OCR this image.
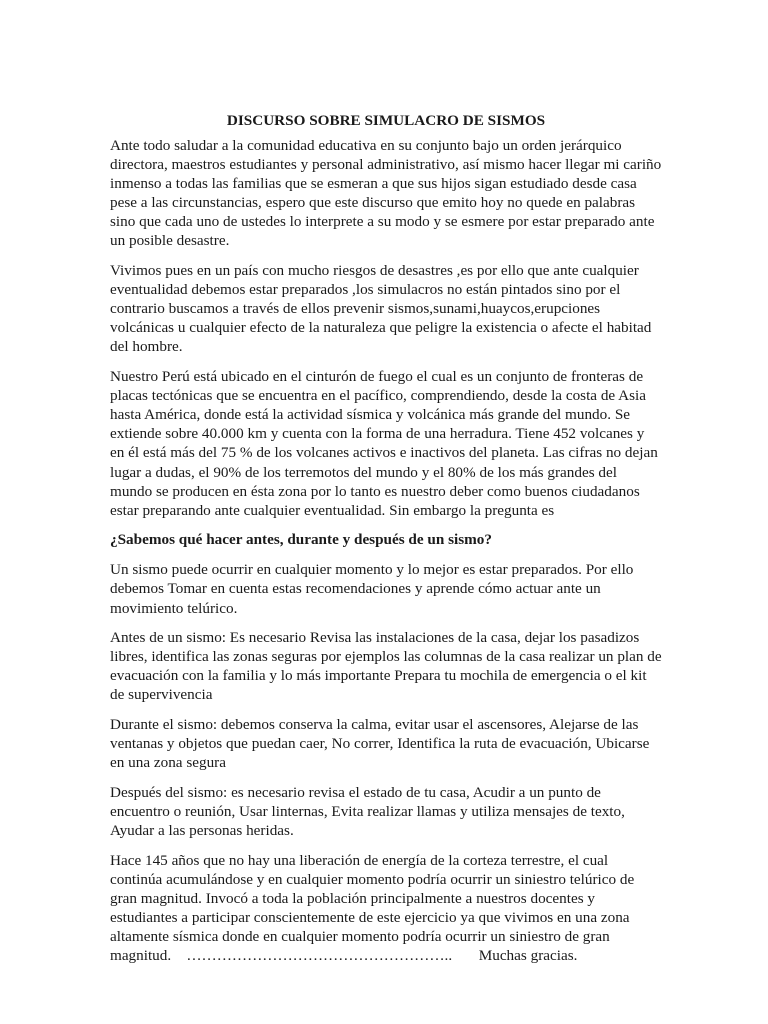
DISCURSO SOBRE SIMULACRO DE SISMOS

Ante todo saludar a la comunidad educativa en su conjunto bajo un orden jerárquico directora, maestros estudiantes y personal administrativo, así mismo hacer llegar mi cariño inmenso a todas las familias que se esmeran a que sus hijos sigan estudiado desde casa pese a las circunstancias, espero que este discurso que emito hoy no quede en palabras sino que cada uno de ustedes lo interprete a su modo y se esmere por estar preparado ante un posible desastre.

Vivimos pues en un país con mucho riesgos de desastres ,es por ello que ante cualquier eventualidad debemos estar preparados ,los simulacros no están pintados sino por el contrario buscamos a través de ellos prevenir sismos,sunami,huaycos,erupciones volcánicas u cualquier efecto de la naturaleza que peligre la existencia o afecte el habitad del hombre.

Nuestro Perú está ubicado en el cinturón de fuego el cual es un conjunto de fronteras de placas tectónicas que se encuentra en el pacífico, comprendiendo, desde la costa de Asia hasta América, donde está la actividad sísmica y volcánica más grande del mundo. Se extiende sobre 40.000 km y cuenta con la forma de una herradura. Tiene 452 volcanes y en él está más del 75 % de los volcanes activos e inactivos del planeta. Las cifras no dejan lugar a dudas, el 90% de los terremotos del mundo y el 80% de los más grandes del mundo se producen en ésta zona por lo tanto es nuestro deber como buenos ciudadanos estar preparando ante cualquier eventualidad. Sin embargo la pregunta es

¿Sabemos qué hacer antes, durante y después de un sismo?

Un sismo puede ocurrir en cualquier momento y lo mejor es estar preparados. Por ello debemos Tomar en cuenta estas recomendaciones y aprende cómo actuar ante un movimiento telúrico.

Antes de un sismo: Es necesario Revisa las instalaciones de la casa, dejar los pasadizos libres, identifica las zonas seguras por ejemplos las columnas de la casa realizar un plan de evacuación con la familia y lo más importante Prepara tu mochila de emergencia o el kit de supervivencia

Durante el sismo: debemos conserva la calma, evitar usar el ascensores, Alejarse de las ventanas y objetos que puedan caer, No correr, Identifica la ruta de evacuación, Ubicarse en una zona segura

Después del sismo: es necesario revisa el estado de tu casa, Acudir a un punto de encuentro o reunión, Usar linternas, Evita realizar llamas y utiliza mensajes de texto, Ayudar a las personas heridas.

Hace 145 años que no hay una liberación de energía de la corteza terrestre, el cual continúa acumulándose y en cualquier momento podría ocurrir un siniestro telúrico de gran magnitud. Invocó a toda la población principalmente a nuestros docentes y estudiantes a participar conscientemente de este ejercicio ya que vivimos en una zona altamente sísmica donde en cualquier momento podría ocurrir un siniestro de gran magnitud. …………………………………………….. Muchas gracias.
